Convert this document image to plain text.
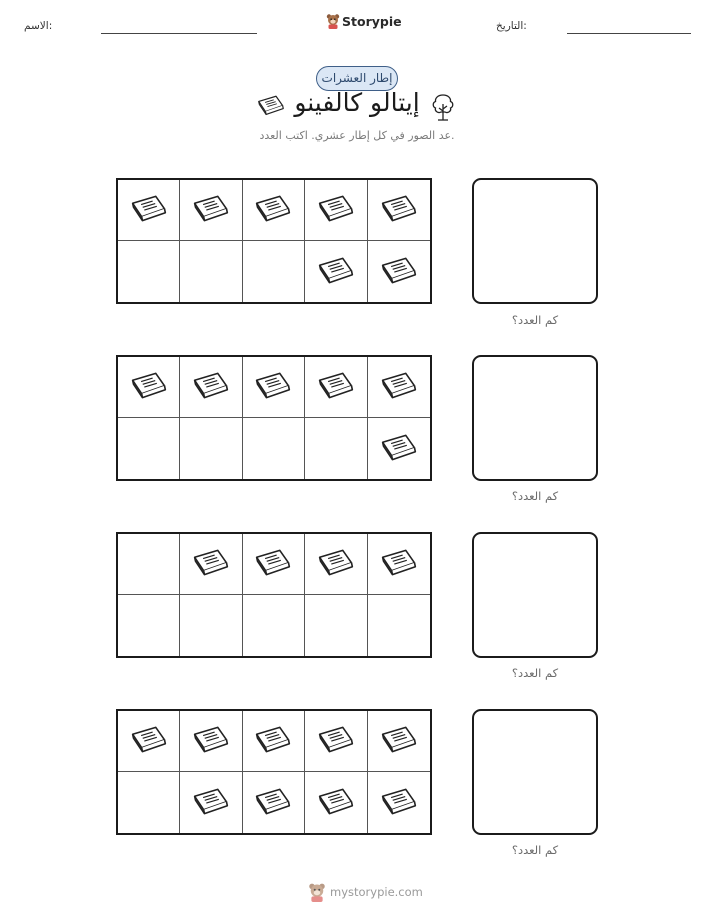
الاسم:	Storypie	التاريخ:
إطار العشرات
إيتالو كالفينو
عد الصور في كل إطار عشري. اكتب العدد.
كم العدد؟
كم العدد؟
كم العدد؟
كم العدد؟
mystorypie.com
